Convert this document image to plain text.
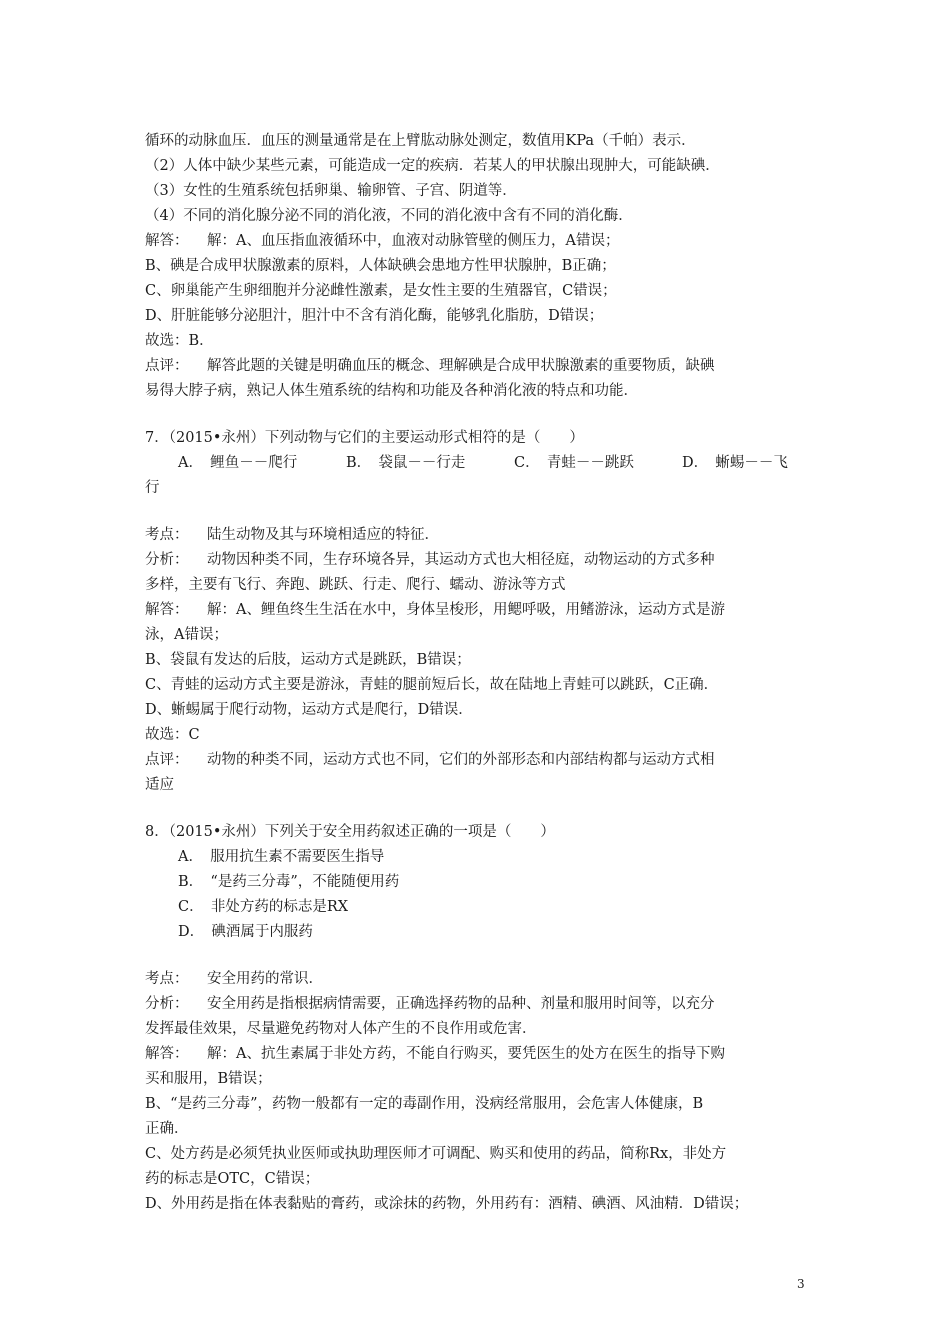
循环的动脉血压．血压的测量通常是在上臂肱动脉处测定，数值用KPa（千帕）表示．
（2）人体中缺少某些元素，可能造成一定的疾病．若某人的甲状腺出现肿大，可能缺碘．
（3）女性的生殖系统包括卵巢、输卵管、子宫、阴道等．
（4）不同的消化腺分泌不同的消化液，不同的消化液中含有不同的消化酶．
解答： 解：A、血压指血液循环中，血液对动脉管壁的侧压力，A错误；
B、碘是合成甲状腺激素的原料，人体缺碘会患地方性甲状腺肿，B正确；
C、卵巢能产生卵细胞并分泌雌性激素，是女性主要的生殖器官，C错误；
D、肝脏能够分泌胆汁，胆汁中不含有消化酶，能够乳化脂肪，D错误；
故选：B．
点评： 解答此题的关键是明确血压的概念、理解碘是合成甲状腺激素的重要物质，缺碘
易得大脖子病，熟记人体生殖系统的结构和功能及各种消化液的特点和功能．
7．（2015•永州）下列动物与它们的主要运动形式相符的是（　　）
A．　鲤鱼－－爬行	B．　袋鼠－－行走	C．　青蛙－－跳跃	D．　蜥蜴－－飞
行
考点： 陆生动物及其与环境相适应的特征．
分析： 动物因种类不同，生存环境各异，其运动方式也大相径庭，动物运动的方式多种
多样，主要有飞行、奔跑、跳跃、行走、爬行、蠕动、游泳等方式
解答： 解：A、鲤鱼终生生活在水中，身体呈梭形，用鳃呼吸，用鳍游泳，运动方式是游
泳，A错误；
B、袋鼠有发达的后肢，运动方式是跳跃，B错误；
C、青蛙的运动方式主要是游泳，青蛙的腿前短后长，故在陆地上青蛙可以跳跃，C正确．
D、蜥蜴属于爬行动物，运动方式是爬行，D错误．
故选：C
点评： 动物的种类不同，运动方式也不同，它们的外部形态和内部结构都与运动方式相
适应
8．（2015•永州）下列关于安全用药叙述正确的一项是（　　）
A．　服用抗生素不需要医生指导
B．　“是药三分毒”，不能随便用药
C．　非处方药的标志是RX
D．　碘酒属于内服药
考点： 安全用药的常识．
分析： 安全用药是指根据病情需要，正确选择药物的品种、剂量和服用时间等，以充分
发挥最佳效果，尽量避免药物对人体产生的不良作用或危害．
解答： 解：A、抗生素属于非处方药，不能自行购买，要凭医生的处方在医生的指导下购
买和服用，B错误；
B、“是药三分毒”，药物一般都有一定的毒副作用，没病经常服用，会危害人体健康，B
正确．
C、处方药是必须凭执业医师或执助理医师才可调配、购买和使用的药品，简称Rx，非处方
药的标志是OTC，C错误；
D、外用药是指在体表黏贴的膏药，或涂抹的药物，外用药有：酒精、碘酒、风油精．D错误；
3
